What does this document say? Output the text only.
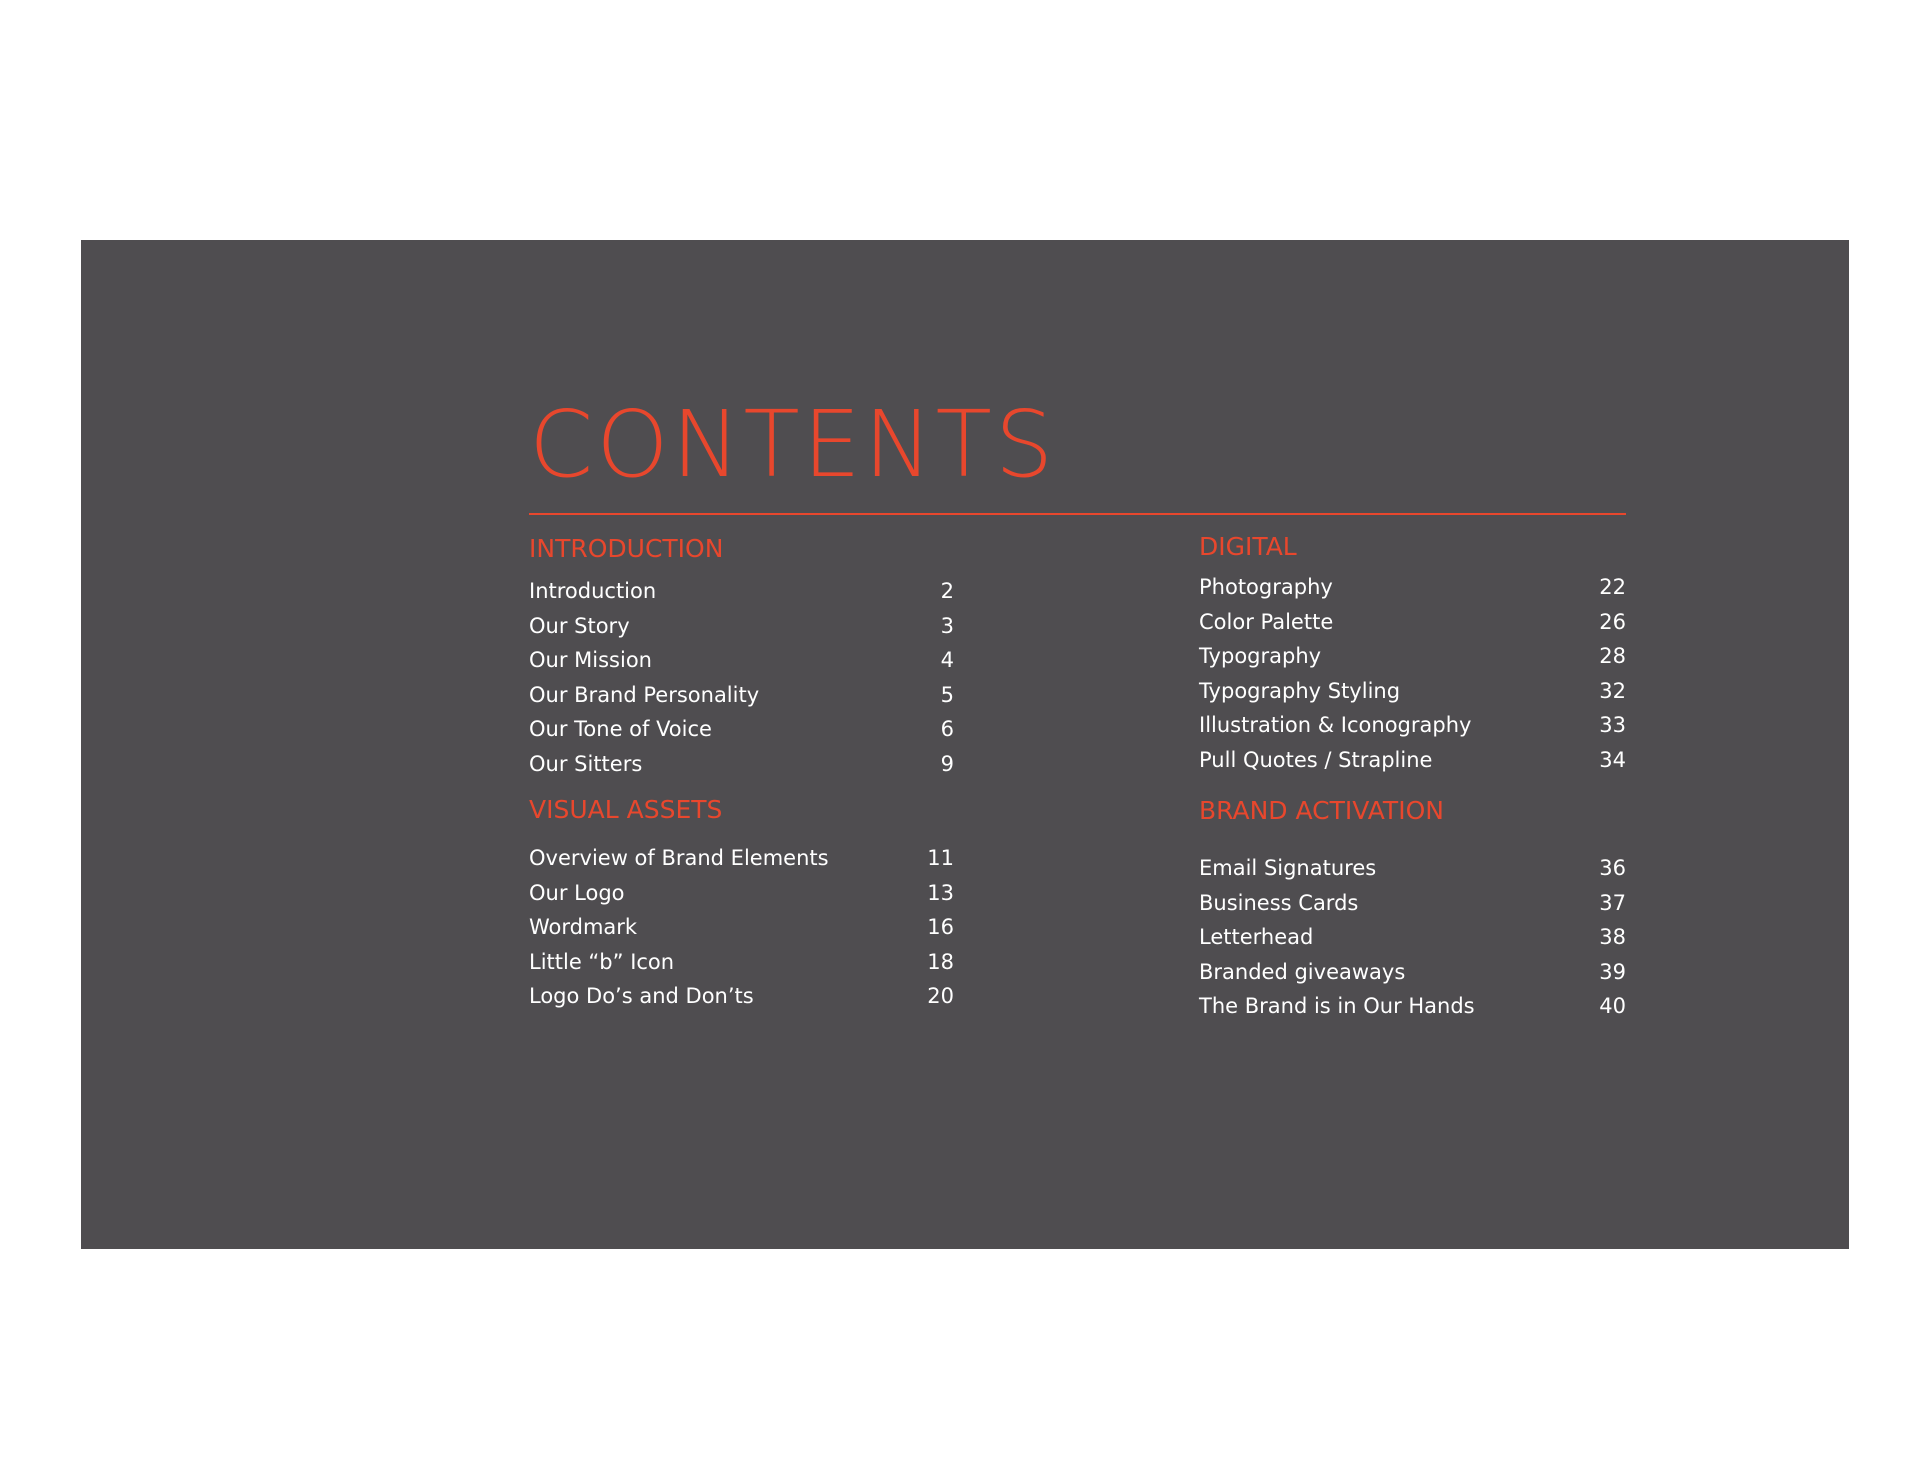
CONTENTS
INTRODUCTION
Introduction	2
Our Story	3
Our Mission	4
Our Brand Personality	5
Our Tone of Voice	6
Our Sitters	9
VISUAL ASSETS
Overview of Brand Elements	11
Our Logo	13
Wordmark	16
Little “b” Icon	18
Logo Do’s and Don’ts	20
DIGITAL
Photography	22
Color Palette	26
Typography	28
Typography Styling	32
Illustration & Iconography	33
Pull Quotes / Strapline	34
BRAND ACTIVATION
Email Signatures	36
Business Cards	37
Letterhead	38
Branded giveaways	39
The Brand is in Our Hands	40
